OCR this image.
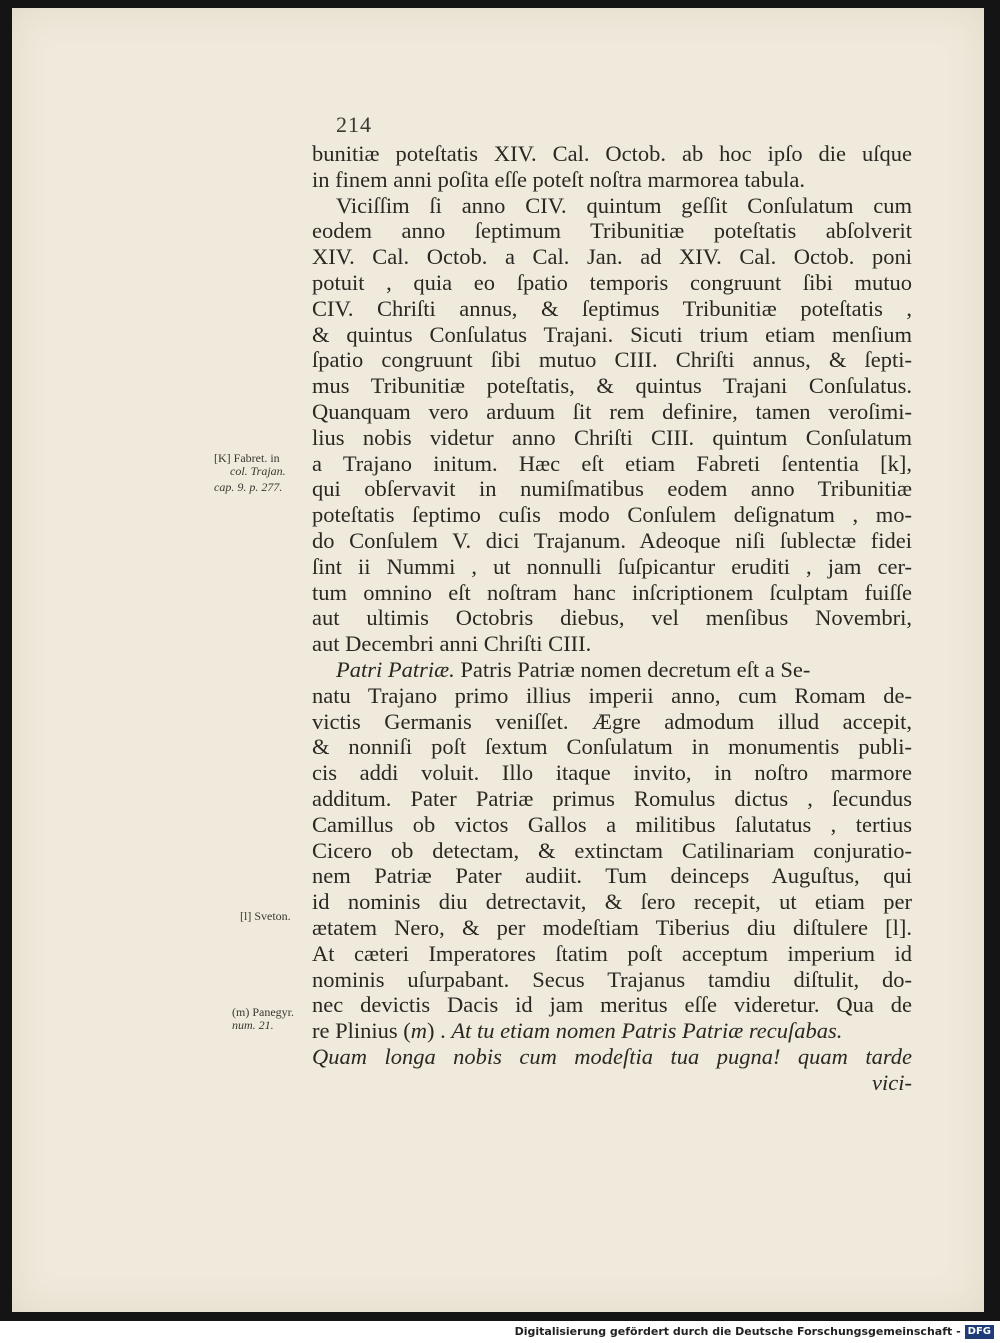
214
bunitiæ poteſtatis XIV. Cal. Octob. ab hoc ipſo die uſque
in finem anni poſita eſſe poteſt noſtra marmorea tabula.
Viciſſim ſi anno CIV. quintum geſſit Conſulatum cum
eodem anno ſeptimum Tribunitiæ poteſtatis abſolverit
XIV. Cal. Octob. a Cal. Jan. ad XIV. Cal. Octob. poni
potuit , quia eo ſpatio temporis congruunt ſibi mutuo
CIV. Chriſti annus, & ſeptimus Tribunitiæ poteſtatis ,
& quintus Conſulatus Trajani. Sicuti trium etiam menſium
ſpatio congruunt ſibi mutuo CIII. Chriſti annus, & ſepti-
mus Tribunitiæ poteſtatis, & quintus Trajani Conſulatus.
Quanquam vero arduum ſit rem definire, tamen veroſimi-
lius nobis videtur anno Chriſti CIII. quintum Conſulatum
a Trajano initum. Hæc eſt etiam Fabreti ſententia [k],
qui obſervavit in numiſmatibus eodem anno Tribunitiæ
poteſtatis ſeptimo cuſis modo Conſulem deſignatum , mo-
do Conſulem V. dici Trajanum. Adeoque niſi ſublectæ fidei
ſint ii Nummi , ut nonnulli ſuſpicantur eruditi , jam cer-
tum omnino eſt noſtram hanc inſcriptionem ſculptam fuiſſe
aut ultimis Octobris diebus, vel menſibus Novembri,
aut Decembri anni Chriſti CIII.
Patri Patriæ. Patris Patriæ nomen decretum eſt a Se-
natu Trajano primo illius imperii anno, cum Romam de-
victis Germanis veniſſet. Ægre admodum illud accepit,
& nonniſi poſt ſextum Conſulatum in monumentis publi-
cis addi voluit. Illo itaque invito, in noſtro marmore
additum. Pater Patriæ primus Romulus dictus , ſecundus
Camillus ob victos Gallos a militibus ſalutatus , tertius
Cicero ob detectam, & extinctam Catilinariam conjuratio-
nem Patriæ Pater audiit. Tum deinceps Auguſtus, qui
id nominis diu detrectavit, & ſero recepit, ut etiam per
ætatem Nero, & per modeſtiam Tiberius diu diſtulere [l].
At cæteri Imperatores ſtatim poſt acceptum imperium id
nominis uſurpabant. Secus Trajanus tamdiu diſtulit, do-
nec devictis Dacis id jam meritus eſſe videretur. Qua de
re Plinius (m) . At tu etiam nomen Patris Patriæ recuſabas.
Quam longa nobis cum modeſtia tua pugna! quam tarde
vici-
[K] Fabret. in
col. Trajan.
cap. 9. p. 277.
[l] Sveton.
(m) Panegyr.
num. 21.
Digitalisierung gefördert durch die Deutsche Forschungsgemeinschaft - DFG
